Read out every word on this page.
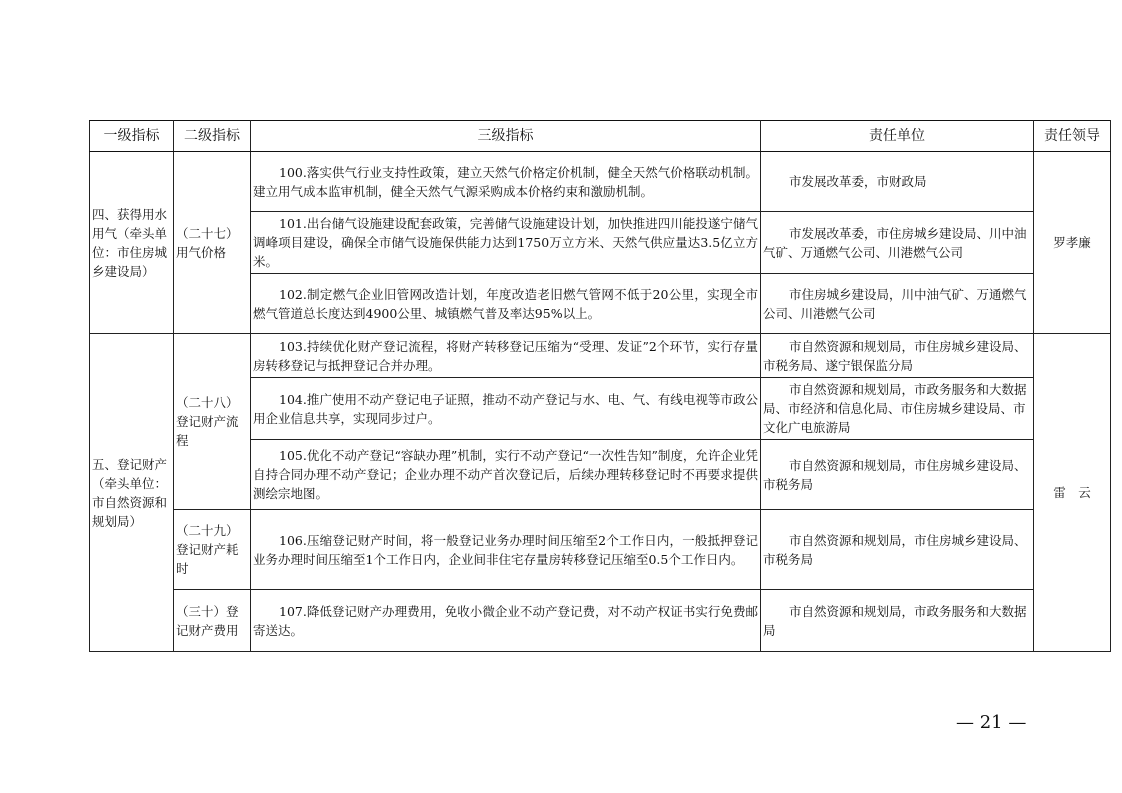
一级指标	二级指标	三级指标	责任单位	责任领导
四、获得用水用气（牵头单位：市住房城乡建设局）	（二十七）用气价格	100.落实供气行业支持性政策，建立天然气价格定价机制，健全天然气价格联动机制。建立用气成本监审机制，健全天然气气源采购成本价格约束和激励机制。	市发展改革委，市财政局	罗孝廉
		101.出台储气设施建设配套政策，完善储气设施建设计划，加快推进四川能投遂宁储气调峰项目建设，确保全市储气设施保供能力达到1750万立方米、天然气供应量达3.5亿立方米。	市发展改革委，市住房城乡建设局、川中油气矿、万通燃气公司、川港燃气公司	
		102.制定燃气企业旧管网改造计划，年度改造老旧燃气管网不低于20公里，实现全市燃气管道总长度达到4900公里、城镇燃气普及率达95%以上。	市住房城乡建设局，川中油气矿、万通燃气公司、川港燃气公司	
五、登记财产（牵头单位：市自然资源和规划局）	（二十八）登记财产流程	103.持续优化财产登记流程，将财产转移登记压缩为“受理、发证”2个环节，实行存量房转移登记与抵押登记合并办理。	市自然资源和规划局，市住房城乡建设局、市税务局、遂宁银保监分局	雷　云
		104.推广使用不动产登记电子证照，推动不动产登记与水、电、气、有线电视等市政公用企业信息共享，实现同步过户。	市自然资源和规划局，市政务服务和大数据局、市经济和信息化局、市住房城乡建设局、市文化广电旅游局	
		105.优化不动产登记“容缺办理”机制，实行不动产登记“一次性告知”制度，允许企业凭自持合同办理不动产登记；企业办理不动产首次登记后，后续办理转移登记时不再要求提供测绘宗地图。	市自然资源和规划局，市住房城乡建设局、市税务局	
	（二十九）登记财产耗时	106.压缩登记财产时间，将一般登记业务办理时间压缩至2个工作日内，一般抵押登记业务办理时间压缩至1个工作日内，企业间非住宅存量房转移登记压缩至0.5个工作日内。	市自然资源和规划局，市住房城乡建设局、市税务局	
	（三十）登记财产费用	107.降低登记财产办理费用，免收小微企业不动产登记费，对不动产权证书实行免费邮寄送达。	市自然资源和规划局，市政务服务和大数据局	
— 21 —
